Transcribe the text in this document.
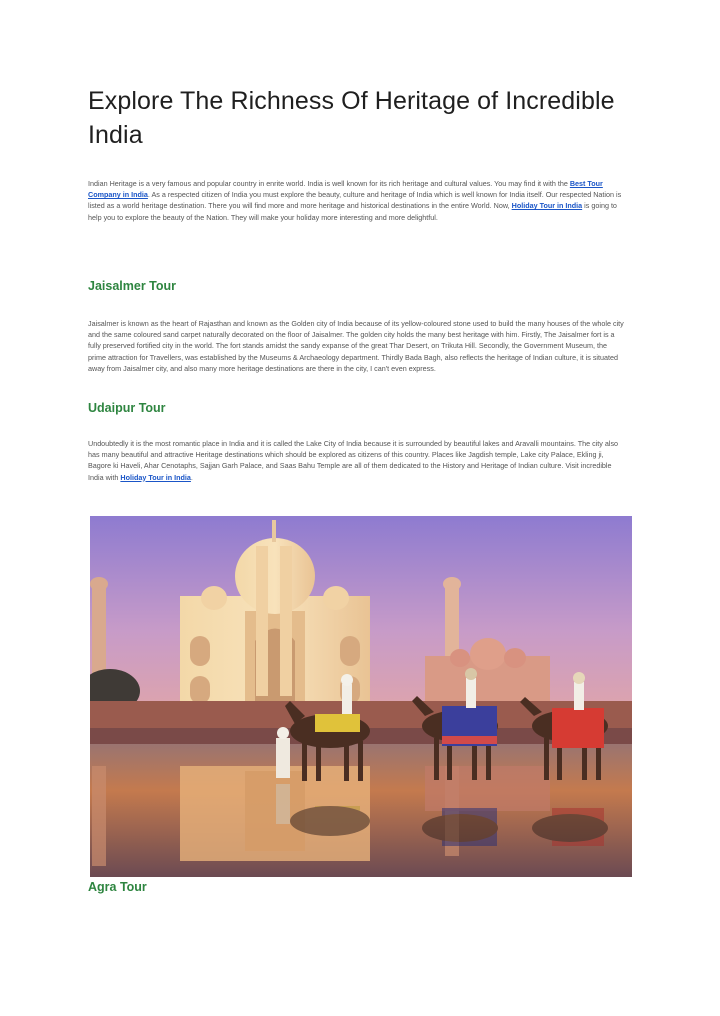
Explore The Richness Of Heritage of Incredible India

Indian Heritage is a very famous and popular country in enrite world. India is well known for its rich heritage and cultural values. You may find it with the Best Tour Company in India. As a respected citizen of India you must explore the beauty, culture and heritage of India which is well known for India itself. Our respected Nation is listed as a world heritage destination. There you will find more and more heritage and historical destinations in the entire World. Now, Holiday Tour in India is going to help you to explore the beauty of the Nation. They will make your holiday more interesting and more delightful.

Jaisalmer Tour

Jaisalmer is known as the heart of Rajasthan and known as the Golden city of India because of its yellow-coloured stone used to build the many houses of the whole city and the same coloured sand carpet naturally decorated on the floor of Jaisalmer. The golden city holds the many best heritage with him. Firstly, The Jaisalmer fort is a fully preserved fortified city in the world. The fort stands amidst the sandy expanse of the great Thar Desert, on Trikuta Hill. Secondly, the Government Museum, the prime attraction for Travellers, was established by the Museums & Archaeology department. Thirdly Bada Bagh, also reflects the heritage of Indian culture, it is situated away from Jaisalmer city, and also many more heritage destinations are there in the city, I can't even express.

Udaipur Tour

Undoubtedly it is the most romantic place in India and it is called the Lake City of India because it is surrounded by beautiful lakes and Aravalli mountains. The city also has many beautiful and attractive Heritage destinations which should be explored as citizens of this country. Places like Jagdish temple, Lake city Palace, Ekling ji, Bagore ki Haveli, Ahar Cenotaphs, Sajjan Garh Palace, and Saas Bahu Temple are all of them dedicated to the History and Heritage of Indian culture. Visit incredible India with Holiday Tour in India.

Agra Tour
